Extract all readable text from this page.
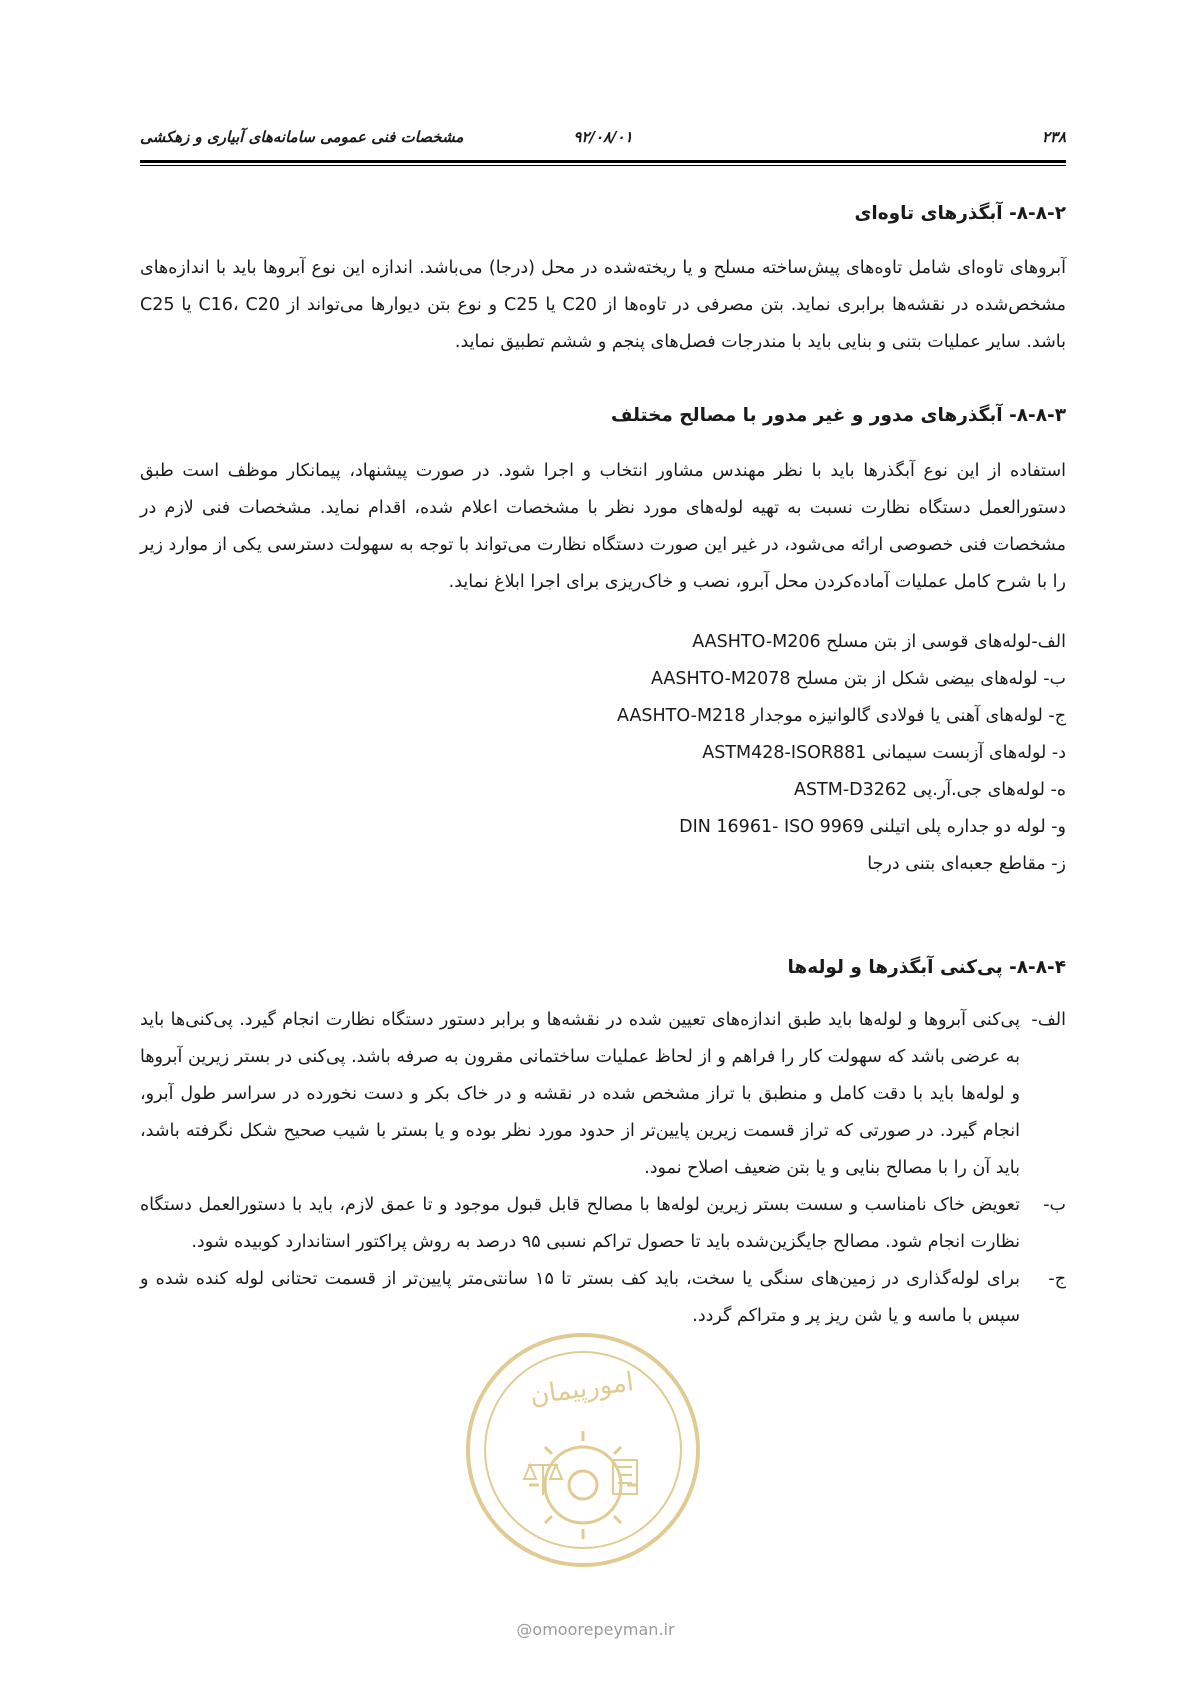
۲۳۸
۹۲/۰۸/۰۱
مشخصات فنی عمومی سامانه‌های آبیاری و زهکشی
۸-۸-۲- آبگذرهای تاوه‌ای

آبروهای تاوه‌ای شامل تاوه‌های پیش‌ساخته مسلح و یا ریخته‌شده در محل (درجا) می‌باشد. اندازه این نوع آبروها باید با اندازه‌های مشخص‌شده در نقشه‌ها برابری نماید. بتن مصرفی در تاوه‌ها از C20 یا C25 و نوع بتن دیوارها می‌تواند از C16، C20 یا C25 باشد. سایر عملیات بتنی و بنایی باید با مندرجات فصل‌های پنجم و ششم تطبیق نماید.

۸-۸-۳- آبگذرهای مدور و غیر مدور با مصالح مختلف

استفاده از این نوع آبگذرها باید با نظر مهندس مشاور انتخاب و اجرا شود. در صورت پیشنهاد، پیمانکار موظف است طبق دستورالعمل دستگاه نظارت نسبت به تهیه لوله‌های مورد نظر با مشخصات اعلام شده، اقدام نماید. مشخصات فنی لازم در مشخصات فنی خصوصی ارائه می‌شود، در غیر این صورت دستگاه نظارت می‌تواند با توجه به سهولت دسترسی یکی از موارد زیر را با شرح کامل عملیات آماده‌کردن محل آبرو، نصب و خاک‌ریزی برای اجرا ابلاغ نماید.

الف-لوله‌های قوسی از بتن مسلح AASHTO-M206
ب- لوله‌های بیضی شکل از بتن مسلح AASHTO-M2078
ج- لوله‌های آهنی یا فولادی گالوانیزه موجدار AASHTO-M218
د- لوله‌های آزبست سیمانی ASTM428-ISOR881
ه- لوله‌های جی.آر.پی ASTM-D3262
و- لوله دو جداره پلی اتیلنی DIN 16961- ISO 9969
ز- مقاطع جعبه‌ای بتنی درجا
۸-۸-۴- پی‌کنی آبگذرها و لوله‌ها
الف-
پی‌کنی آبروها و لوله‌ها باید طبق اندازه‌های تعیین شده در نقشه‌ها و برابر دستور دستگاه نظارت انجام گیرد. پی‌کنی‌ها باید به عرضی باشد که سهولت کار را فراهم و از لحاظ عملیات ساختمانی مقرون به صرفه باشد. پی‌کنی در بستر زیرین آبروها و لوله‌ها باید با دقت کامل و منطبق با تراز مشخص شده در نقشه و در خاک بکر و دست نخورده در سراسر طول آبرو، انجام گیرد. در صورتی که تراز قسمت زیرین پایین‌تر از حدود مورد نظر بوده و یا بستر با شیب صحیح شکل نگرفته باشد، باید آن را با مصالح بنایی و یا بتن ضعیف اصلاح نمود.
ب-
تعویض خاک نامناسب و سست بستر زیرین لوله‌ها با مصالح قابل قبول موجود و تا عمق لازم، باید با دستورالعمل دستگاه نظارت انجام شود. مصالح جایگزین‌شده باید تا حصول تراکم نسبی ۹۵ درصد به روش پراکتور استاندارد کوبیده شود.
ج-
برای لوله‌گذاری در زمین‌های سنگی یا سخت، باید کف بستر تا ۱۵ سانتی‌متر پایین‌تر از قسمت تحتانی لوله کنده شده و سپس با ماسه و یا شن ریز پر و متراکم گردد.
امورپیمان
@omoorepeyman.ir
